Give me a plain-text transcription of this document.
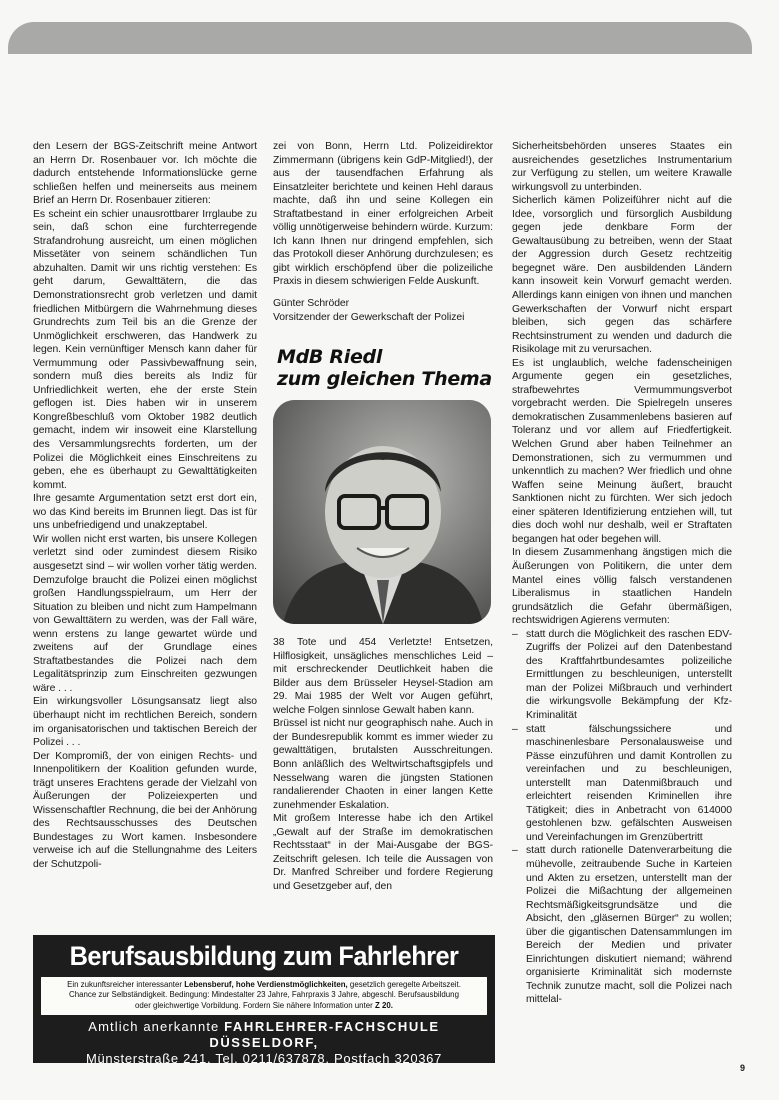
den Lesern der BGS-Zeitschrift meine Antwort an Herrn Dr. Rosenbauer vor. Ich möchte die dadurch entstehende Informationslücke gerne schließen helfen und meinerseits aus meinem Brief an Herrn Dr. Rosenbauer zitieren:

Es scheint ein schier unausrottbarer Irrglaube zu sein, daß schon eine furchterregende Strafandrohung ausreicht, um einen möglichen Missetäter von seinem schändlichen Tun abzuhalten. Damit wir uns richtig verstehen: Es geht darum, Gewalttätern, die das Demonstrationsrecht grob verletzen und damit friedlichen Mitbürgern die Wahrnehmung dieses Grundrechts zum Teil bis an die Grenze der Unmöglichkeit erschweren, das Handwerk zu legen. Kein vernünftiger Mensch kann daher für Vermummung oder Passivbewaffnung sein, sondern muß dies bereits als Indiz für Unfriedlichkeit werten, ehe der erste Stein geflogen ist. Dies haben wir in unserem Kongreßbeschluß vom Oktober 1982 deutlich gemacht, indem wir insoweit eine Klarstellung des Versammlungsrechts forderten, um der Polizei die Möglichkeit eines Einschreitens zu geben, ehe es überhaupt zu Gewalttätigkeiten kommt.

Ihre gesamte Argumentation setzt erst dort ein, wo das Kind bereits im Brunnen liegt. Das ist für uns unbefriedigend und unakzeptabel.

Wir wollen nicht erst warten, bis unsere Kollegen verletzt sind oder zumindest diesem Risiko ausgesetzt sind – wir wollen vorher tätig werden. Demzufolge braucht die Polizei einen möglichst großen Handlungsspielraum, um Herr der Situation zu bleiben und nicht zum Hampelmann von Gewalttätern zu werden, was der Fall wäre, wenn erstens zu lange gewartet würde und zweitens auf der Grundlage eines Straftatbestandes die Polizei nach dem Legalitätsprinzip zum Einschreiten gezwungen wäre . . .

Ein wirkungsvoller Lösungsansatz liegt also überhaupt nicht im rechtlichen Bereich, sondern im organisatorischen und taktischen Bereich der Polizei . . .

Der Kompromiß, der von einigen Rechts- und Innenpolitikern der Koalition gefunden wurde, trägt unseres Erachtens gerade der Vielzahl von Äußerungen der Polizeiexperten und Wissenschaftler Rechnung, die bei der Anhörung des Rechtsausschusses des Deutschen Bundestages zu Wort kamen. Insbesondere verweise ich auf die Stellungnahme des Leiters der Schutzpoli-

zei von Bonn, Herrn Ltd. Polizeidirektor Zimmermann (übrigens kein GdP-Mitglied!), der aus der tausendfachen Erfahrung als Einsatzleiter berichtete und keinen Hehl daraus machte, daß ihn und seine Kollegen ein Straftatbestand in einer erfolgreichen Arbeit völlig unnötigerweise behindern würde. Kurzum: Ich kann Ihnen nur dringend empfehlen, sich das Protokoll dieser Anhörung durchzulesen; es gibt wirklich erschöpfend über die polizeiliche Praxis in diesem schwierigen Felde Auskunft.

Günter Schröder

Vorsitzender der Gewerkschaft der Polizei

MdB Riedl
zum gleichen Thema

38 Tote und 454 Verletzte! Entsetzen, Hilflosigkeit, unsägliches menschliches Leid – mit erschreckender Deutlichkeit haben die Bilder aus dem Brüsseler Heysel-Stadion am 29. Mai 1985 der Welt vor Augen geführt, welche Folgen sinnlose Gewalt haben kann.

Brüssel ist nicht nur geographisch nahe. Auch in der Bundesrepublik kommt es immer wieder zu gewalttätigen, brutalsten Ausschreitungen. Bonn anläßlich des Weltwirtschaftsgipfels und Nesselwang waren die jüngsten Stationen randalierender Chaoten in einer langen Kette zunehmender Eskalation.

Mit großem Interesse habe ich den Artikel „Gewalt auf der Straße im demokratischen Rechtsstaat“ in der Mai-Ausgabe der BGS-Zeitschrift gelesen. Ich teile die Aussagen von Dr. Manfred Schreiber und fordere Regierung und Gesetzgeber auf, den

Sicherheitsbehörden unseres Staates ein ausreichendes gesetzliches Instrumentarium zur Verfügung zu stellen, um weitere Krawalle wirkungsvoll zu unterbinden.

Sicherlich kämen Polizeiführer nicht auf die Idee, vorsorglich und fürsorglich Ausbildung gegen jede denkbare Form der Gewaltausübung zu betreiben, wenn der Staat der Aggression durch Gesetz rechtzeitig begegnet wäre. Den ausbildenden Ländern kann insoweit kein Vorwurf gemacht werden. Allerdings kann einigen von ihnen und manchen Gewerkschaften der Vorwurf nicht erspart bleiben, sich gegen das schärfere Rechtsinstrument zu wenden und dadurch die Risikolage mit zu verursachen.

Es ist unglaublich, welche fadenscheinigen Argumente gegen ein gesetzliches, strafbewehrtes Vermummungsverbot vorgebracht werden. Die Spielregeln unseres demokratischen Zusammenlebens basieren auf Toleranz und vor allem auf Friedfertigkeit. Welchen Grund aber haben Teilnehmer an Demonstrationen, sich zu vermummen und unkenntlich zu machen? Wer friedlich und ohne Waffen seine Meinung äußert, braucht Sanktionen nicht zu fürchten. Wer sich jedoch einer späteren Identifizierung entziehen will, tut dies doch wohl nur deshalb, weil er Straftaten begangen hat oder begehen will.

In diesem Zusammenhang ängstigen mich die Äußerungen von Politikern, die unter dem Mantel eines völlig falsch verstandenen Liberalismus in staatlichen Handeln grundsätzlich die Gefahr übermäßigen, rechtswidrigen Agierens vermuten:

– statt durch die Möglichkeit des raschen EDV-Zugriffs der Polizei auf den Datenbestand des Kraftfahrtbundesamtes polizeiliche Ermittlungen zu beschleunigen, unterstellt man der Polizei Mißbrauch und verhindert die wirkungsvolle Bekämpfung der Kfz-Kriminalität
– statt fälschungssichere und maschinenlesbare Personalausweise und Pässe einzuführen und damit Kontrollen zu vereinfachen und zu beschleunigen, unterstellt man Datenmißbrauch und erleichtert reisenden Kriminellen ihre Tätigkeit; dies in Anbetracht von 614000 gestohlenen bzw. gefälschten Ausweisen und Vereinfachungen im Grenzübertritt
– statt durch rationelle Datenverarbeitung die mühevolle, zeitraubende Suche in Karteien und Akten zu ersetzen, unterstellt man der Polizei die Mißachtung der allgemeinen Rechtsmäßigkeitsgrundsätze und die Absicht, den „gläsernen Bürger“ zu wollen; über die gigantischen Datensammlungen im Bereich der Medien und privater Einrichtungen diskutiert niemand; während organisierte Kriminalität sich modernste Technik zunutze macht, soll die Polizei nach mittelal-
Berufsausbildung zum Fahrlehrer
Ein zukunftsreicher interessanter Lebensberuf, hohe Verdienstmöglichkeiten, gesetzlich geregelte Arbeitszeit.
Chance zur Selbständigkeit. Bedingung: Mindestalter 23 Jahre, Fahrpraxis 3 Jahre, abgeschl. Berufsausbildung
oder gleichwertige Vorbildung. Fordern Sie nähere Information unter Z 20.
Amtlich anerkannte FAHRLEHRER-FACHSCHULE DÜSSELDORF,
Münsterstraße 241, Tel. 0211/637878, Postfach 320367
9
